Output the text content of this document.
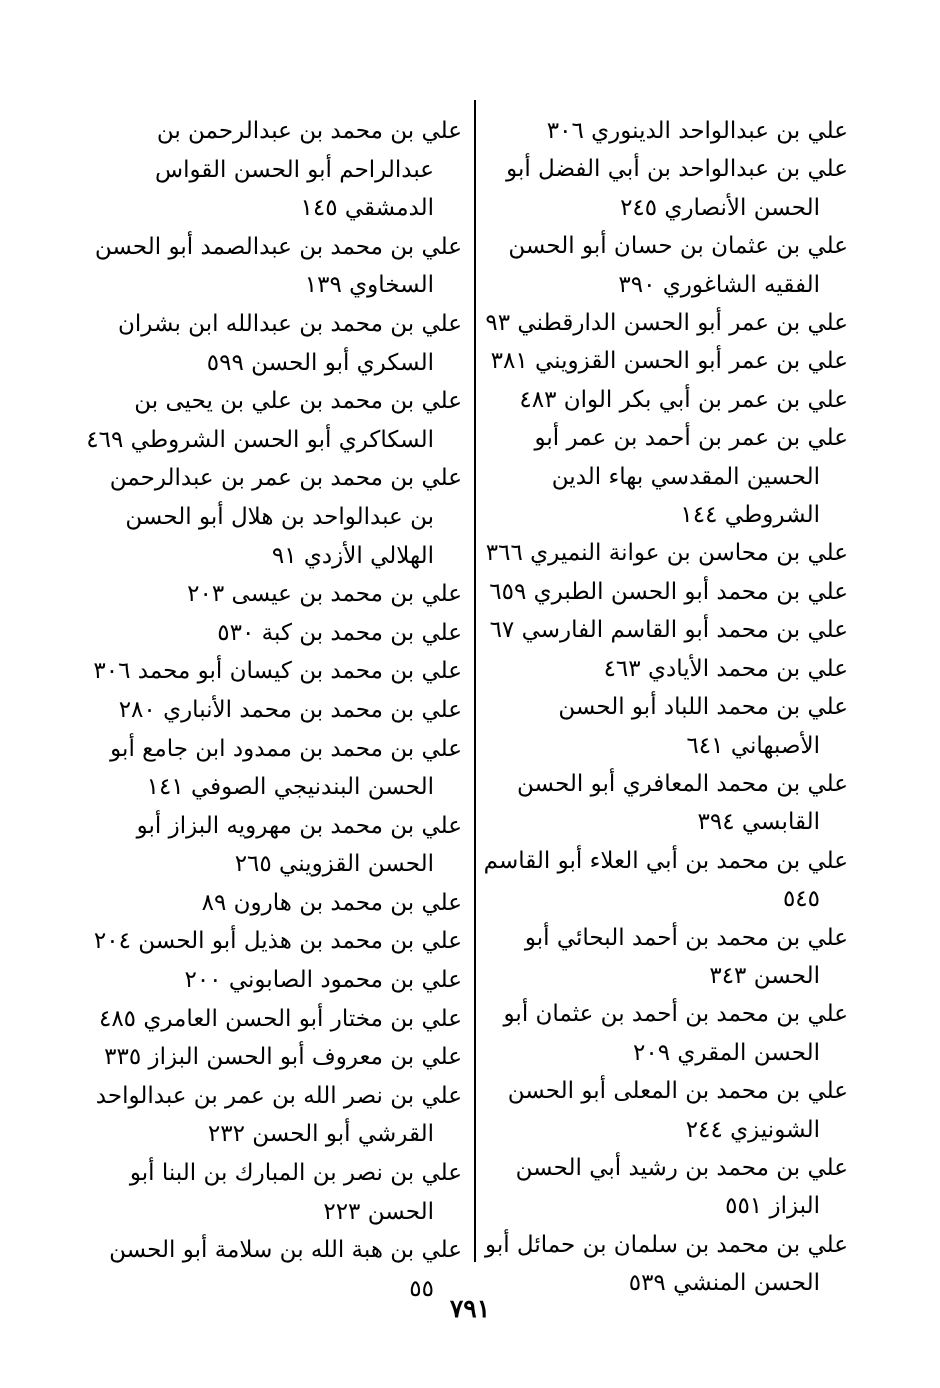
علي بن عبدالواحد الدينوري ٣٠٦

علي بن عبدالواحد بن أبي الفضل أبو الحسن الأنصاري ٢٤٥

علي بن عثمان بن حسان أبو الحسن الفقيه الشاغوري ٣٩٠

علي بن عمر أبو الحسن الدارقطني ٩٣

علي بن عمر أبو الحسن القزويني ٣٨١

علي بن عمر بن أبي بكر الوان ٤٨٣

علي بن عمر بن أحمد بن عمر أبو الحسين المقدسي بهاء الدين الشروطي ١٤٤

علي بن محاسن بن عوانة النميري ٣٦٦

علي بن محمد أبو الحسن الطبري ٦٥٩

علي بن محمد أبو القاسم الفارسي ٦٧

علي بن محمد الأيادي ٤٦٣

علي بن محمد اللباد أبو الحسن الأصبهاني ٦٤١

علي بن محمد المعافري أبو الحسن القابسي ٣٩٤

علي بن محمد بن أبي العلاء أبو القاسم ٥٤٥

علي بن محمد بن أحمد البحائي أبو الحسن ٣٤٣

علي بن محمد بن أحمد بن عثمان أبو الحسن المقري ٢٠٩

علي بن محمد بن المعلى أبو الحسن الشونيزي ٢٤٤

علي بن محمد بن رشيد أبي الحسن البزاز ٥٥١

علي بن محمد بن سلمان بن حمائل أبو الحسن المنشي ٥٣٩

علي بن محمد بن عبدالرحمن بن عبدالراحم أبو الحسن القواس الدمشقي ١٤٥

علي بن محمد بن عبدالصمد أبو الحسن السخاوي ١٣٩

علي بن محمد بن عبدالله ابن بشران السكري أبو الحسن ٥٩٩

علي بن محمد بن علي بن يحيى بن السكاكري أبو الحسن الشروطي ٤٦٩

علي بن محمد بن عمر بن عبدالرحمن بن عبدالواحد بن هلال أبو الحسن الهلالي الأزدي ٩١

علي بن محمد بن عيسى ٢٠٣

علي بن محمد بن كبة ٥٣٠

علي بن محمد بن كيسان أبو محمد ٣٠٦

علي بن محمد بن محمد الأنباري ٢٨٠

علي بن محمد بن ممدود ابن جامع أبو الحسن البندنيجي الصوفي ١٤١

علي بن محمد بن مهرويه البزاز أبو الحسن القزويني ٢٦٥

علي بن محمد بن هارون ٨٩

علي بن محمد بن هذيل أبو الحسن ٢٠٤

علي بن محمود الصابوني ٢٠٠

علي بن مختار أبو الحسن العامري ٤٨٥

علي بن معروف أبو الحسن البزاز ٣٣٥

علي بن نصر الله بن عمر بن عبدالواحد القرشي أبو الحسن ٢٣٢

علي بن نصر بن المبارك بن البنا أبو الحسن ٢٢٣

علي بن هبة الله بن سلامة أبو الحسن ٥٥

٧٩١
